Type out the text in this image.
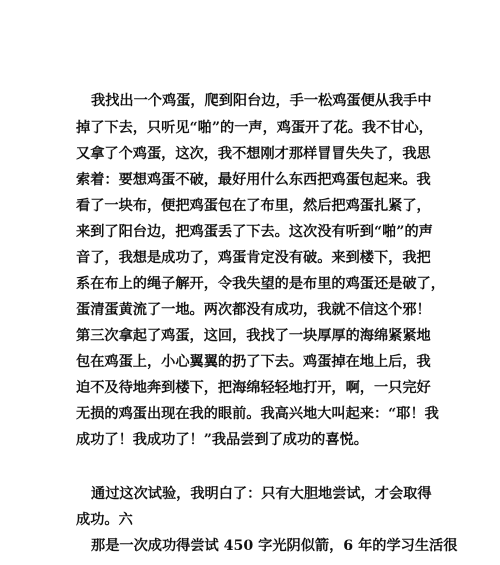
我找出一个鸡蛋，爬到阳台边，手一松鸡蛋便从我手中
掉了下去，只听见“啪”的一声，鸡蛋开了花。我不甘心，
又拿了个鸡蛋，这次，我不想刚才那样冒冒失失了，我思
索着：要想鸡蛋不破，最好用什么东西把鸡蛋包起来。我
看了一块布，便把鸡蛋包在了布里，然后把鸡蛋扎紧了，
来到了阳台边，把鸡蛋丢了下去。这次没有听到“啪”的声
音了，我想是成功了，鸡蛋肯定没有破。来到楼下，我把
系在布上的绳子解开，令我失望的是布里的鸡蛋还是破了，
蛋清蛋黄流了一地。两次都没有成功，我就不信这个邪！
第三次拿起了鸡蛋，这回，我找了一块厚厚的海绵紧紧地
包在鸡蛋上，小心翼翼的扔了下去。鸡蛋掉在地上后，我
迫不及待地奔到楼下，把海绵轻轻地打开，啊，一只完好
无损的鸡蛋出现在我的眼前。我高兴地大叫起来：“耶！我
成功了！我成功了！”我品尝到了成功的喜悦。
通过这次试验，我明白了：只有大胆地尝试，才会取得
成功。六
那是一次成功得尝试 450 字光阴似箭，6 年的学习生活很
